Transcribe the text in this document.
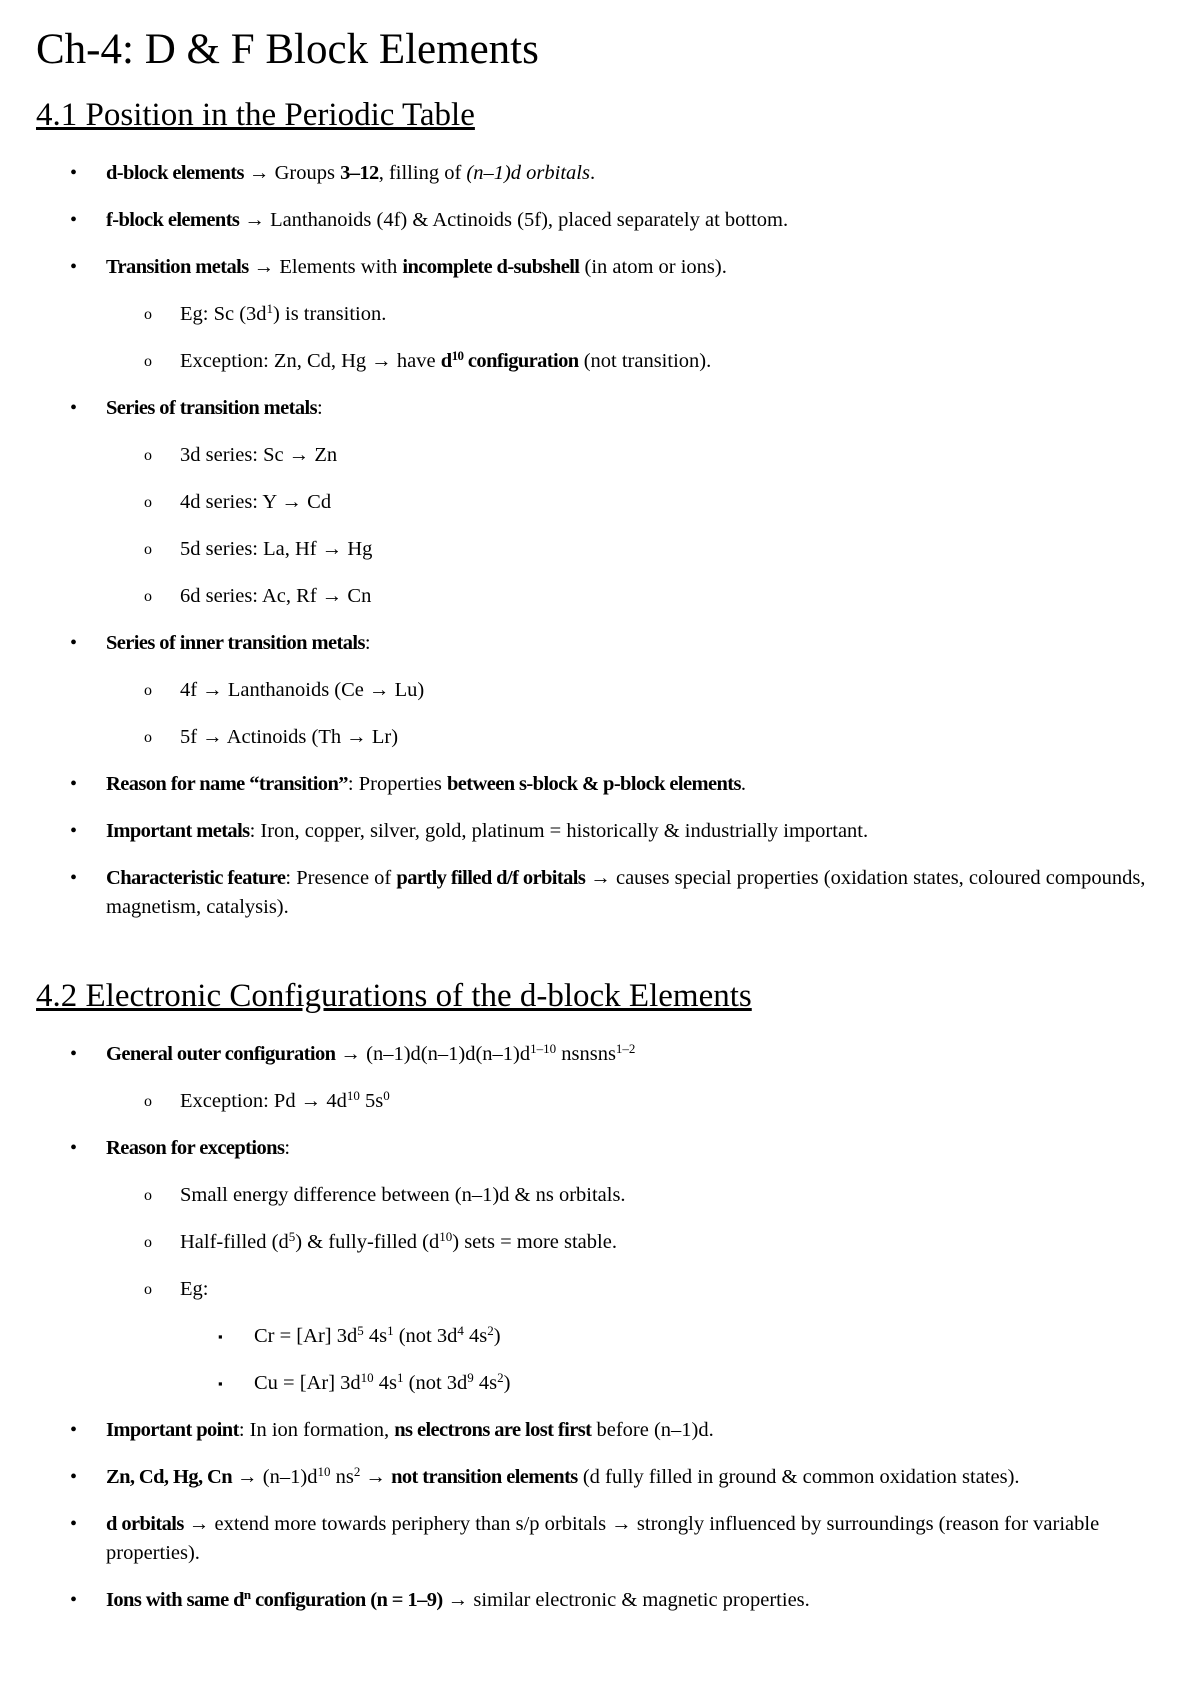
Ch-4: D & F Block Elements
4.1 Position in the Periodic Table
• d-block elements → Groups 3–12, filling of (n–1)d orbitals.
• f-block elements → Lanthanoids (4f) & Actinoids (5f), placed separately at bottom.
• Transition metals → Elements with incomplete d-subshell (in atom or ions).
o Eg: Sc $(3d^1)$ is transition.
o Exception: Zn, Cd, Hg → have $d^{10}$ configuration (not transition).
• Series of transition metals:
o 3d series: Sc → Zn
o 4d series: Y → Cd
o 5d series: La, Hf → Hg
o 6d series: Ac, Rf → Cn
• Series of inner transition metals:
o 4f → Lanthanoids (Ce → Lu)
o 5f → Actinoids (Th → Lr)
• Reason for name “transition”: Properties between s-block & p-block elements.
• Important metals: Iron, copper, silver, gold, platinum = historically & industrially important.
• Characteristic feature: Presence of partly filled d/f orbitals → causes special properties (oxidation states, coloured compounds, magnetism, catalysis).
4.2 Electronic Configurations of the d-block Elements
• General outer configuration → $(n-1)d(n-1)d(n-1)d^{1-10}$ nsnsns$^{1-2}$
o Exception: $Pd \to 4d^{10}$ $5s^0$
• Reason for exceptions:
o Small energy difference between (n–1)d & ns orbitals.
o Half-filled $(d^5)$ & fully-filled $(d^{10})$ sets = more stable.
o Eg:
▪ Cr = [Ar] $3d^5$ $4s^1$ (not $3d^4$ $4s^2$)
▪ Cu = [Ar] $3d^{10}$ $4s^1$ (not $3d^9$ $4s^2$)
• Important point: In ion formation, ns electrons are lost first before (n–1)d.
• Zn, Cd, Hg, $Cn \to (n-1)d^{10}$ $ns^2$ → not transition elements (d fully filled in ground & common oxidation states).
• d orbitals → extend more towards periphery than s/p orbitals → strongly influenced by surroundings (reason for variable properties).
• Ions with same $d^n$ configuration (n = 1–9) → similar electronic & magnetic properties.
